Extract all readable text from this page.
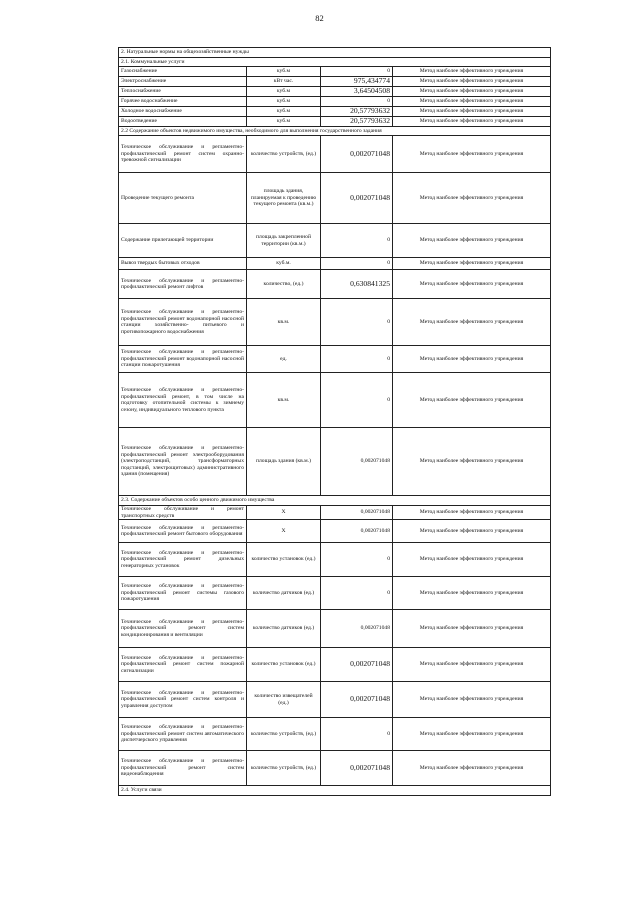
82
2. Натуральные нормы на общехозяйственные нужды			
2.1. Коммунальные услуги			
Газоснабжение	куб.м	0	Метод наиболее эффективного учреждения
Электроснабжение	кВт час.	975,434774	Метод наиболее эффективного учреждения
Теплоснабжение	куб.м	3,64504508	Метод наиболее эффективного учреждения
Горячее водоснабжение	куб.м	0	Метод наиболее эффективного учреждения
Холодное водоснабжение	куб.м	20,57793632	Метод наиболее эффективного учреждения
Водоотведение	куб.м	20,57793632	Метод наиболее эффективного учреждения
2.2 Содержание объектов недвижимого имущества, необходимого для выполнения государственного задания			
Техническое обслуживание и регламентно- профилактический ремонт систем охранно- тревожной сигнализации	количество устройств, (ед.)	0,002071048	Метод наиболее эффективного учреждения
Проведение текущего ремонта	площадь здания, планируемая к проведению текущего ремонта (кв.м.)	0,002071048	Метод наиболее эффективного учреждения
Содержание прилегающей территории	площадь закрепленной территории (кв.м.)	0	Метод наиболее эффективного учреждения
Вывоз твердых бытовых отходов	куб.м.	0	Метод наиболее эффективного учреждения
Техническое обслуживание и регламентно- профилактический ремонт лифтов	количество, (ед.)	0,630841325	Метод наиболее эффективного учреждения
Техническое обслуживание и регламентно- профилактический ремонт водонапорной насосной станции хозяйственно- питьевого и противопожарного водоснабжения	кв.м.	0	Метод наиболее эффективного учреждения
Техническое обслуживание и регламентно- профилактический ремонт водонапорной насосной станции пожаротушения	ед.	0	Метод наиболее эффективного учреждения
Техническое обслуживание и регламентно- профилактический ремонт, в том числе на подготовку отопительной системы к зимнему сезону, индивидуального теплового пункта	кв.м.	0	Метод наиболее эффективного учреждения
Техническое обслуживание и регламентно- профилактический ремонт электрооборудования (электроподстанций, трансформаторных подстанций, электрощитовых) административного здания (помещения)	площадь здания (кв.м.)	0,002071048	Метод наиболее эффективного учреждения
2.3. Содержание объектов особо ценного движимого имущества			
Техническое обслуживание и ремонт транспортных средств	X	0,002071048	Метод наиболее эффективного учреждения
Техническое обслуживание и регламентно- профилактический ремонт бытового оборудования	X	0,002071048	Метод наиболее эффективного учреждения
Техническое обслуживание и регламентно- профилактический ремонт дизельных генераторных установок	количество установок (ед.)	0	Метод наиболее эффективного учреждения
Техническое обслуживание и регламентно- профилактический ремонт системы газового пожаротушения	количество датчиков (ед.)	0	Метод наиболее эффективного учреждения
Техническое обслуживание и регламентно- профилактический ремонт систем кондиционирования и вентиляции	количество датчиков (ед.)	0,002071048	Метод наиболее эффективного учреждения
Техническое обслуживание и регламентно- профилактический ремонт систем пожарной сигнализации	количество установок (ед.)	0,002071048	Метод наиболее эффективного учреждения
Техническое обслуживание и регламентно- профилактический ремонт систем контроля и управления доступом	количество извещателей (ед.)	0,002071048	Метод наиболее эффективного учреждения
Техническое обслуживание и регламентно- профилактический ремонт систем автоматического диспетчерского управления	количество устройств, (ед.)	0	Метод наиболее эффективного учреждения
Техническое обслуживание и регламентно- профилактический ремонт систем видеонаблюдения	количество устройств, (ед.)	0,002071048	Метод наиболее эффективного учреждения
2.4. Услуги связи			
